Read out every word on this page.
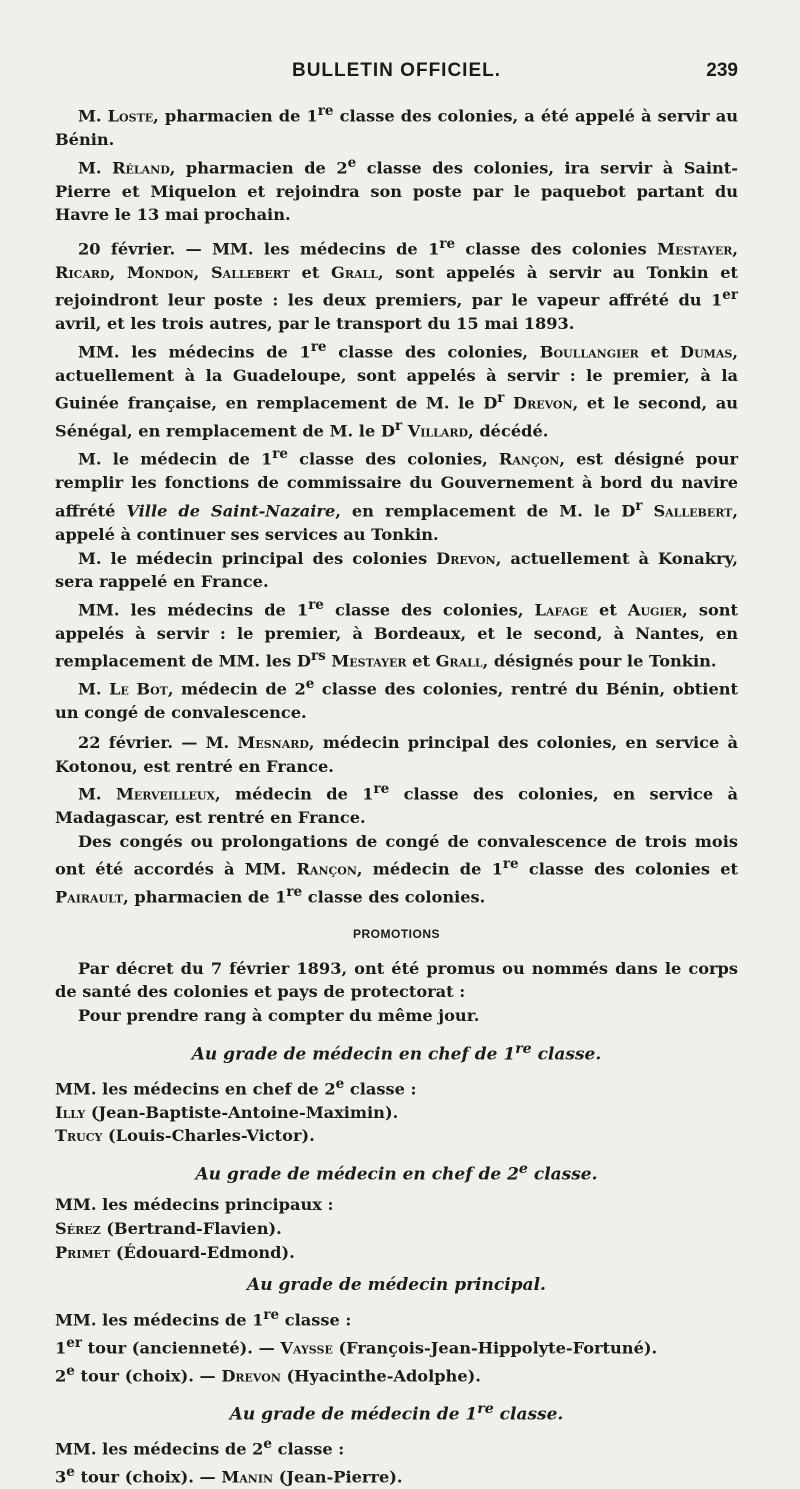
BULLETIN OFFICIEL.	239

M. Loste, pharmacien de 1re classe des colonies, a été appelé à servir au Bénin.

M. Réland, pharmacien de 2e classe des colonies, ira servir à Saint-Pierre et Miquelon et rejoindra son poste par le paquebot partant du Havre le 13 mai prochain.

20 février. — MM. les médecins de 1re classe des colonies Mestayer, Ricard, Mondon, Sallebert et Grall, sont appelés à servir au Tonkin et rejoindront leur poste : les deux premiers, par le vapeur affrété du 1er avril, et les trois autres, par le transport du 15 mai 1893.

MM. les médecins de 1re classe des colonies, Boullangier et Dumas, actuellement à la Guadeloupe, sont appelés à servir : le premier, à la Guinée française, en remplacement de M. le $D^r$ Drevon, et le second, au Sénégal, en remplacement de M. le $D^r$ Villard, décédé.

M. le médecin de 1re classe des colonies, Rançon, est désigné pour remplir les fonctions de commissaire du Gouvernement à bord du navire affrété Ville de Saint-Nazaire, en remplacement de M. le $D^r$ Sallebert, appelé à continuer ses services au Tonkin.

M. le médecin principal des colonies Drevon, actuellement à Konakry, sera rappelé en France.

MM. les médecins de 1re classe des colonies, Lafage et Augier, sont appelés à servir : le premier, à Bordeaux, et le second, à Nantes, en remplacement de MM. les $D^{rs}$ Mestayer et Grall, désignés pour le Tonkin.

M. Le Bot, médecin de 2e classe des colonies, rentré du Bénin, obtient un congé de convalescence.

22 février. — M. Mesnard, médecin principal des colonies, en service à Kotonou, est rentré en France.

M. Merveilleux, médecin de 1re classe des colonies, en service à Madagascar, est rentré en France.

Des congés ou prolongations de congé de convalescence de trois mois ont été accordés à MM. Rançon, médecin de 1re classe des colonies et Pairault, pharmacien de 1re classe des colonies.

PROMOTIONS

Par décret du 7 février 1893, ont été promus ou nommés dans le corps de santé des colonies et pays de protectorat :

Pour prendre rang à compter du même jour.

Au grade de médecin en chef de 1re classe.
MM. les médecins en chef de 2e classe :
Illy (Jean-Baptiste-Antoine-Maximin).
Trucy (Louis-Charles-Victor).
Au grade de médecin en chef de 2e classe.
MM. les médecins principaux :
Sérez (Bertrand-Flavien).
Primet (Édouard-Edmond).
Au grade de médecin principal.
MM. les médecins de 1re classe :
1er tour (ancienneté). — Vaysse (François-Jean-Hippolyte-Fortuné).
2e tour (choix). — Drevon (Hyacinthe-Adolphe).
Au grade de médecin de 1re classe.
MM. les médecins de 2e classe :
3e tour (choix). — Manin (Jean-Pierre).
